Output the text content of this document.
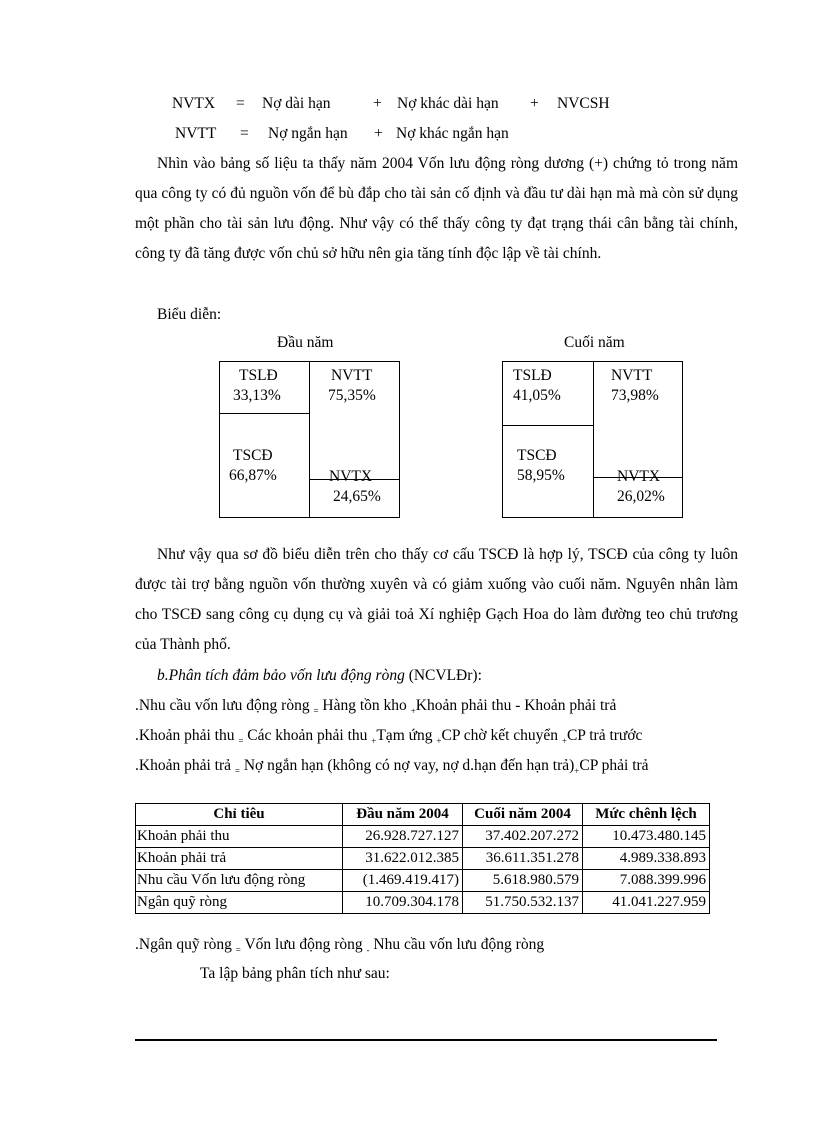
NVTX = Nợ dài hạn	+ Nợ khác dài hạn + NVCSH
NVTT = Nợ ngắn hạn + Nợ khác ngắn hạn
Nhìn vào bảng số liệu ta thấy năm 2004 Vốn lưu động ròng dương (+) chứng tỏ trong năm qua công ty có đủ nguồn vốn để bù đắp cho tài sản cố định và đầu tư dài hạn mà mà còn sử dụng một phần cho tài sản lưu động. Như vậy có thể thấy công ty đạt trạng thái cân bằng tài chính, công ty đã tăng được vốn chủ sở hữu nên gia tăng tính độc lập về tài chính.
Biểu diễn:
Đầu năm
TSLĐ
33,13%
NVTT
75,35%
TSCĐ
66,87%	NVTX
24,65%
Cuối năm
TSLĐ
41,05%
NVTT
73,98%
TSCĐ
58,95%	NVTX
26,02%
Như vậy qua sơ đồ biểu diễn trên cho thấy cơ cấu TSCĐ là hợp lý, TSCĐ của công ty luôn được tài trợ bằng nguồn vốn thường xuyên và có giảm xuống vào cuối năm. Nguyên nhân làm cho TSCĐ sang công cụ dụng cụ và giải toả Xí nghiệp Gạch Hoa do làm đường teo chủ trương của Thành phố.
b.Phân tích đảm bảo vốn lưu động ròng (NCVLĐr):
.Nhu cầu vốn lưu động ròng $_=$ Hàng tồn kho $_+$Khoản phải thu - Khoản phải trả
.Khoản phải thu $_=$ Các khoản phải thu $_+$Tạm ứng $_+$CP chờ kết chuyển $_+$CP trả trước
.Khoản phải trả $_=$ Nợ ngắn hạn (không có nợ vay, nợ d.hạn đến hạn $trả)_+CP$ phải trả
Chỉ tiêu	Đầu năm 2004	Cuối năm 2004	Mức chênh lệch
Khoản phải thu	26.928.727.127	37.402.207.272	10.473.480.145
Khoản phải trả	31.622.012.385	36.611.351.278	4.989.338.893
Nhu cầu Vốn lưu động ròng	(1.469.419.417)	5.618.980.579	7.088.399.996
Ngân quỹ ròng	10.709.304.178	51.750.532.137	41.041.227.959
.Ngân quỹ ròng $_=$ Vốn lưu động ròng $_-$ Nhu cầu vốn lưu động ròng
Ta lập bảng phân tích như sau:
